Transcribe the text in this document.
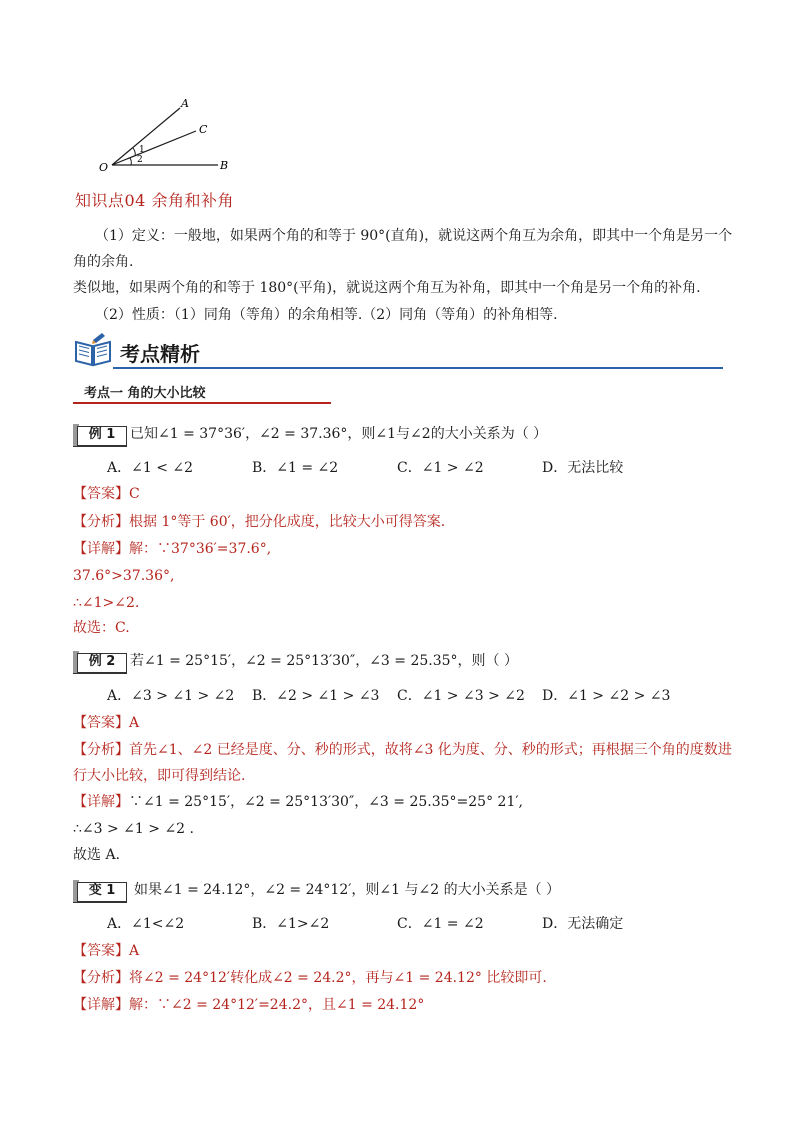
O
A
C
B
1
2
知识点04 余角和补角
（1）定义：一般地，如果两个角的和等于 90°(直角)，就说这两个角互为余角，即其中一个角是另一个
角的余角.
类似地，如果两个角的和等于 180°(平角)，就说这两个角互为补角，即其中一个角是另一个角的补角.
（2）性质：（1）同角（等角）的余角相等.（2）同角（等角）的补角相等.
考点精析
考点一 角的大小比较
例 1	已知∠1 = 37°36′，∠2 = 37.36°，则∠1与∠2的大小关系为（ ）
A．∠1 < ∠2	B．∠1 = ∠2	C．∠1 > ∠2	D．无法比较
【答案】C
【分析】根据 1°等于 60′，把分化成度，比较大小可得答案.
【详解】解：∵37°36′=37.6°,
37.6°>37.36°,
∴∠1>∠2.
故选：C.
例 2	若∠1 = 25°15′，∠2 = 25°13′30″，∠3 = 25.35°，则（ ）
A．∠3 > ∠1 > ∠2 B．∠2 > ∠1 > ∠3 C．∠1 > ∠3 > ∠2 D．∠1 > ∠2 > ∠3
【答案】A
【分析】首先∠1、∠2 已经是度、分、秒的形式，故将∠3 化为度、分、秒的形式；再根据三个角的度数进
行大小比较，即可得到结论.
【详解】∵∠1 = 25°15′，∠2 = 25°13′30″，∠3 = 25.35°=25° 21′,
∴∠3 > ∠1 > ∠2 .
故选 A.
变 1	如果∠1 = 24.12°，∠2 = 24°12′，则∠1 与∠2 的大小关系是（ ）
A．∠1<∠2	B．∠1>∠2	C．∠1 = ∠2	D．无法确定
【答案】A
【分析】将∠2 = 24°12′转化成∠2 = 24.2°，再与∠1 = 24.12° 比较即可.
【详解】解：∵∠2 = 24°12′=24.2°，且∠1 = 24.12°
